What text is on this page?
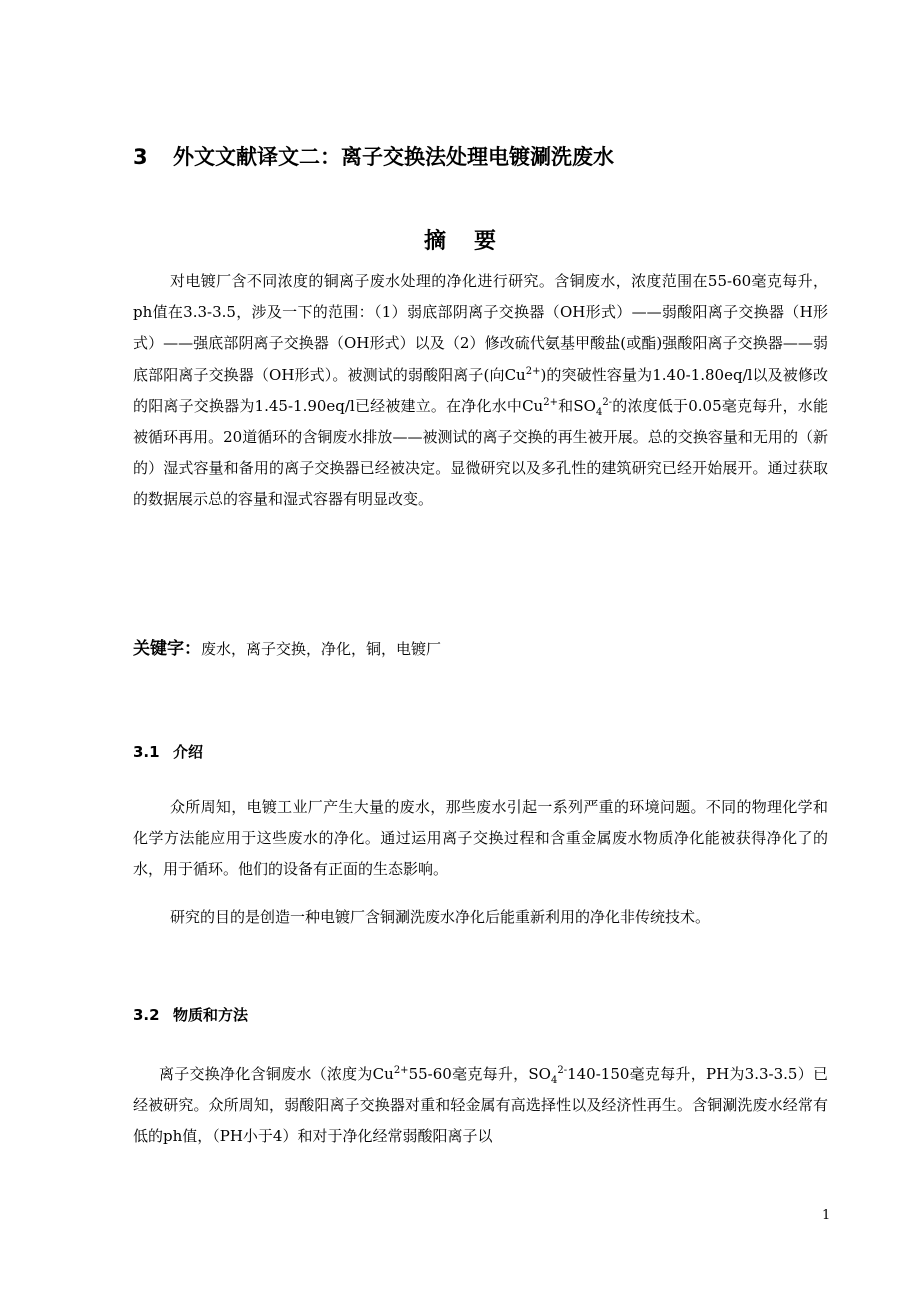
3 外文文献译文二：离子交换法处理电镀涮洗废水
摘要
对电镀厂含不同浓度的铜离子废水处理的净化进行研究。含铜废水，浓度范围在55-60毫克每升，ph值在3.3-3.5，涉及一下的范围：（1）弱底部阴离子交换器（OH形式）——弱酸阳离子交换器（H形式）——强底部阴离子交换器（OH形式）以及（2）修改硫代氨基甲酸盐(或酯)强酸阳离子交换器——弱底部阳离子交换器（OH形式）。被测试的弱酸阳离子(向$Cu^{2+}$)的突破性容量为1.40-1.80eq/l以及被修改的阳离子交换器为1.45-1.90eq/l已经被建立。在净化水中$Cu^{2+}$和$SO_4^{2-}$的浓度低于0.05毫克每升，水能被循环再用。20道循环的含铜废水排放——被测试的离子交换的再生被开展。总的交换容量和无用的（新的）湿式容量和备用的离子交换器已经被决定。显微研究以及多孔性的建筑研究已经开始展开。通过获取的数据展示总的容量和湿式容器有明显改变。
关键字：废水，离子交换，净化，铜，电镀厂
3.1 介绍
众所周知，电镀工业厂产生大量的废水，那些废水引起一系列严重的环境问题。不同的物理化学和化学方法能应用于这些废水的净化。通过运用离子交换过程和含重金属废水物质净化能被获得净化了的水，用于循环。他们的设备有正面的生态影响。
研究的目的是创造一种电镀厂含铜涮洗废水净化后能重新利用的净化非传统技术。
3.2 物质和方法
离子交换净化含铜废水（浓度为$Cu^{2+}55-60$毫克每升，$SO_4^{2-}140-150$毫克每升，PH为3.3-3.5）已经被研究。众所周知，弱酸阳离子交换器对重和轻金属有高选择性以及经济性再生。含铜涮洗废水经常有低的ph值，（PH小于4）和对于净化经常弱酸阳离子以
1
